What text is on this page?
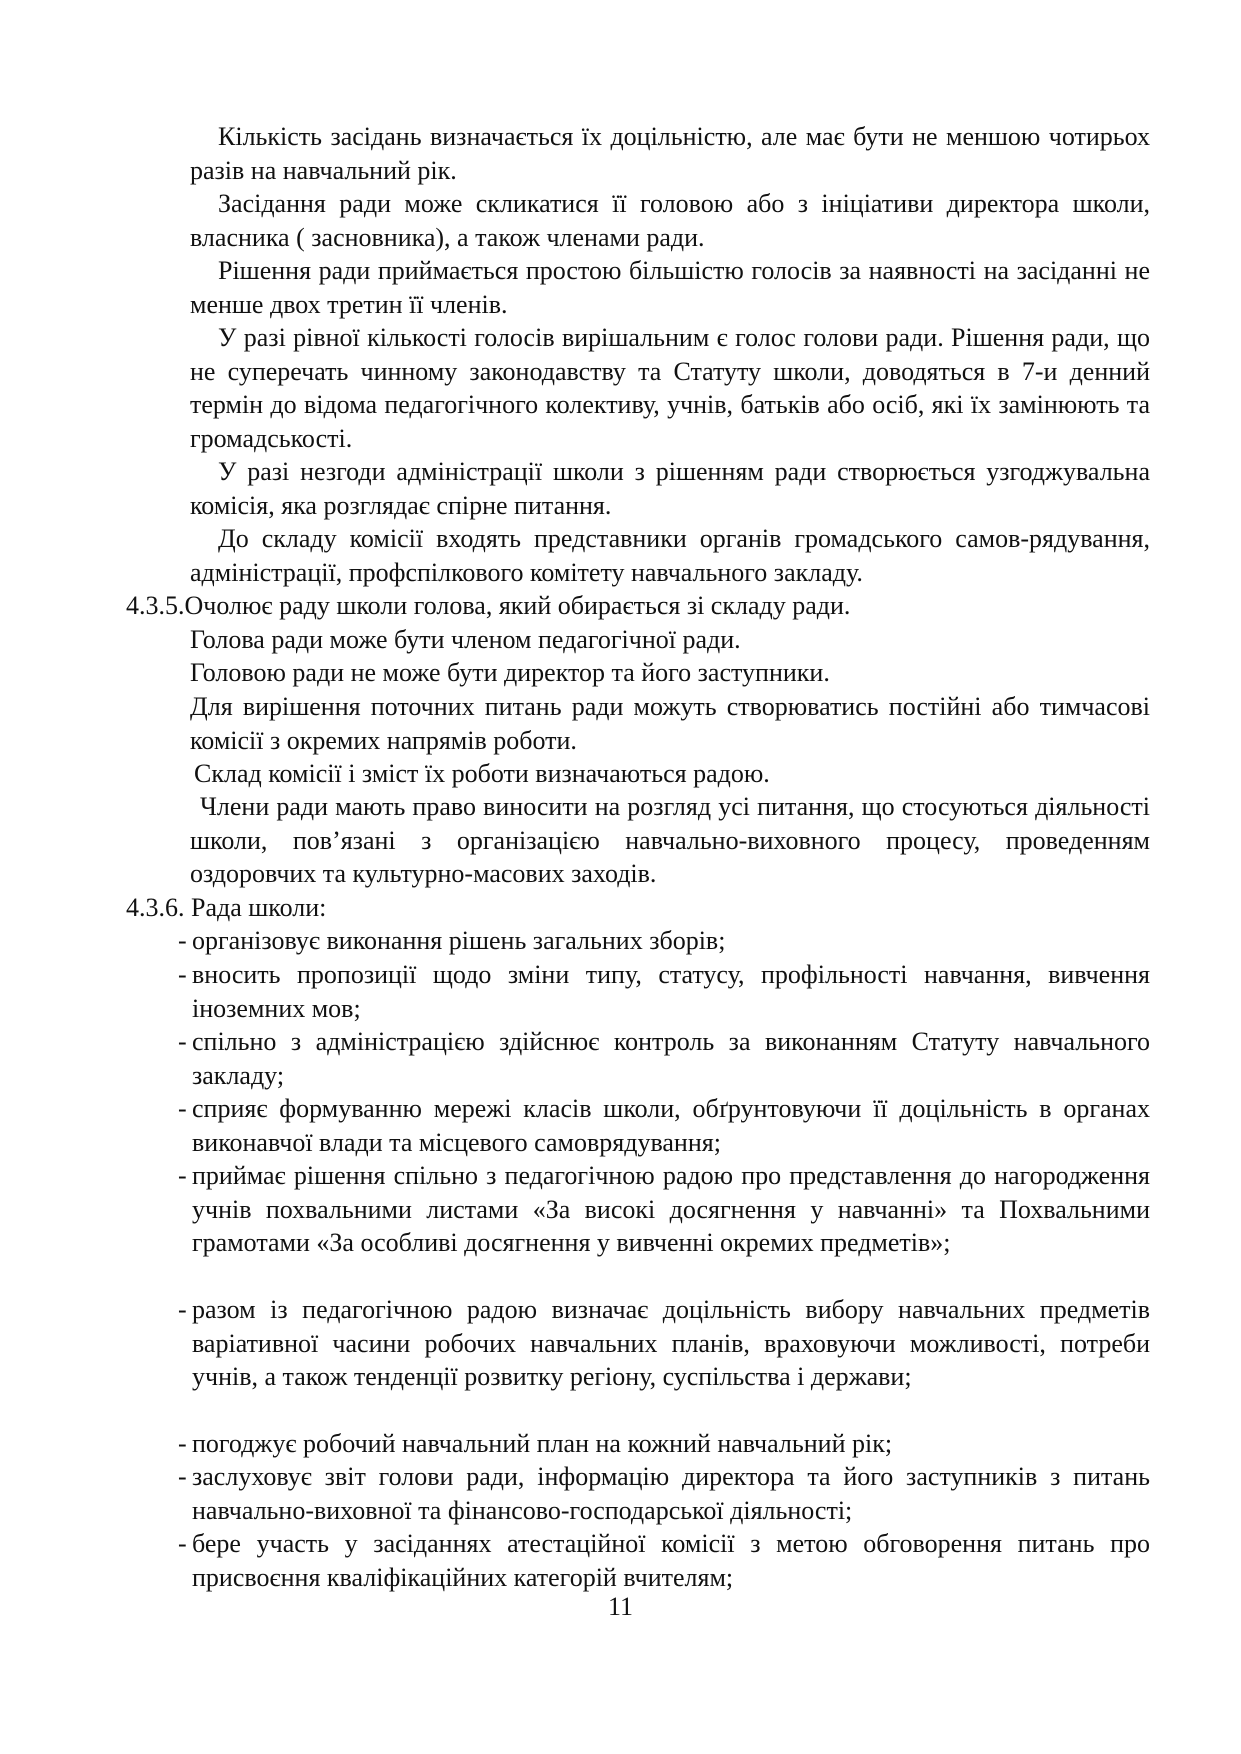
Кількість засідань визначається їх доцільністю, але має бути не меншою чотирьох разів на навчальний рік.

Засідання ради може скликатися її головою або з ініціативи директора школи, власника ( засновника), а також членами ради.

Рішення ради приймається простою більшістю голосів за наявності на засіданні не менше двох третин її членів.

У разі рівної кількості голосів вирішальним є голос голови ради. Рішення ради, що не суперечать чинному законодавству та Статуту школи, доводяться в 7-и денний термін до відома педагогічного колективу, учнів, батьків або осіб, які їх замінюють та громадськості.

У разі незгоди адміністрації школи з рішенням ради створюється узгоджувальна комісія, яка розглядає спірне питання.

До складу комісії входять представники органів громадського самов-рядування, адміністрації, профспілкового комітету навчального закладу.

4.3.5.Очолює раду школи голова, який обирається зі складу ради.

Голова ради може бути членом педагогічної ради.

Головою ради не може бути директор та його заступники.

Для вирішення поточних питань ради можуть створюватись постійні або тимчасові комісії з окремих напрямів роботи.

Склад комісії і зміст їх роботи визначаються радою.

Члени ради мають право виносити на розгляд усі питання, що стосуються діяльності школи, пов’язані з організацією навчально-виховного процесу, проведенням оздоровчих та культурно-масових заходів.

4.3.6. Рада школи:

- організовує виконання рішень загальних зборів;
- вносить пропозиції щодо зміни типу, статусу, профільності навчання, вивчення іноземних мов;
- спільно з адміністрацією здійснює контроль за виконанням Статуту навчального закладу;
- сприяє формуванню мережі класів школи, обґрунтовуючи її доцільність в органах виконавчої влади та місцевого самоврядування;
- приймає рішення спільно з педагогічною радою про представлення до нагородження учнів похвальними листами «За високі досягнення у навчанні» та Похвальними грамотами «За особливі досягнення у вивченні окремих предметів»;
- разом із педагогічною радою визначає доцільність вибору навчальних предметів варіативної часини робочих навчальних планів, враховуючи можливості, потреби учнів, а також тенденції розвитку регіону, суспільства і держави;
- погоджує робочий навчальний план на кожний навчальний рік;
- заслуховує звіт голови ради, інформацію директора та його заступників з питань навчально-виховної та фінансово-господарської діяльності;
- бере участь у засіданнях атестаційної комісії з метою обговорення питань про присвоєння кваліфікаційних категорій вчителям;
11
